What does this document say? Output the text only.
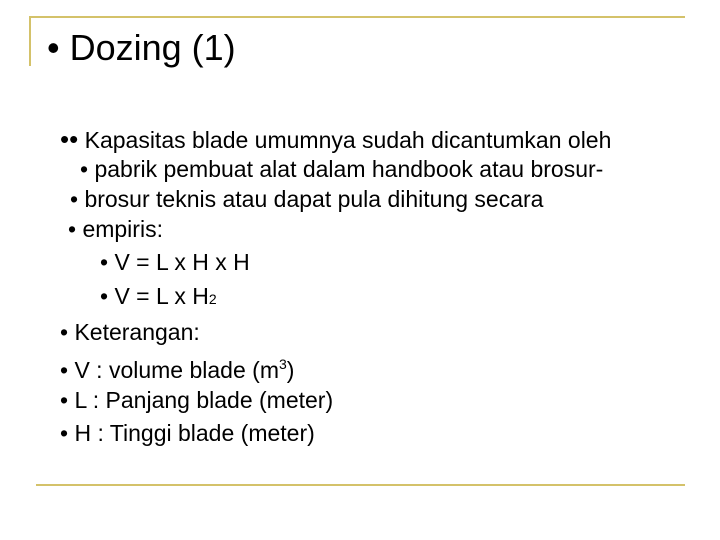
• Dozing (1)
•• Kapasitas blade umumnya sudah dicantumkan oleh
• pabrik pembuat alat dalam handbook atau brosur-
• brosur teknis atau dapat pula dihitung secara
• empiris:
• V = L x H x H
• V = L x H2
• Keterangan:
• V : volume blade $(m^3)$
• L : Panjang blade (meter)
• H : Tinggi blade (meter)
